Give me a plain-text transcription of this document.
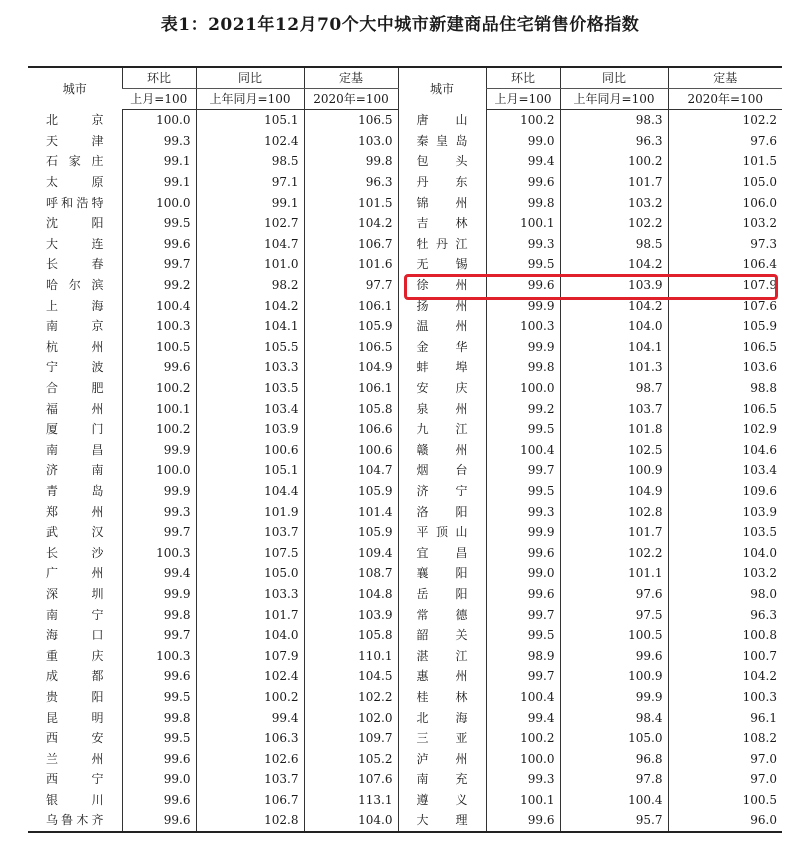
表1：2021年12月70个大中城市新建商品住宅销售价格指数
城市	环比	同比	定基	城市	环比	同比	定基
	上月=100	上年同月=100	2020年=100		上月=100	上年同月=100	2020年=100
北　京	100.0	105.1	106.5	唐　山	100.2	98.3	102.2
天　津	99.3	102.4	103.0	秦皇岛	99.0	96.3	97.6
石家庄	99.1	98.5	99.8	包　头	99.4	100.2	101.5
太　原	99.1	97.1	96.3	丹　东	99.6	101.7	105.0
呼和浩特	100.0	99.1	101.5	锦　州	99.8	103.2	106.0
沈　阳	99.5	102.7	104.2	吉　林	100.1	102.2	103.2
大　连	99.6	104.7	106.7	牡丹江	99.3	98.5	97.3
长　春	99.7	101.0	101.6	无　锡	99.5	104.2	106.4
哈尔滨	99.2	98.2	97.7	徐　州	99.6	103.9	107.9
上　海	100.4	104.2	106.1	扬　州	99.9	104.2	107.6
南　京	100.3	104.1	105.9	温　州	100.3	104.0	105.9
杭　州	100.5	105.5	106.5	金　华	99.9	104.1	106.5
宁　波	99.6	103.3	104.9	蚌　埠	99.8	101.3	103.6
合　肥	100.2	103.5	106.1	安　庆	100.0	98.7	98.8
福　州	100.1	103.4	105.8	泉　州	99.2	103.7	106.5
厦　门	100.2	103.9	106.6	九　江	99.5	101.8	102.9
南　昌	99.9	100.6	100.6	赣　州	100.4	102.5	104.6
济　南	100.0	105.1	104.7	烟　台	99.7	100.9	103.4
青　岛	99.9	104.4	105.9	济　宁	99.5	104.9	109.6
郑　州	99.3	101.9	101.4	洛　阳	99.3	102.8	103.9
武　汉	99.7	103.7	105.9	平顶山	99.9	101.7	103.5
长　沙	100.3	107.5	109.4	宜　昌	99.6	102.2	104.0
广　州	99.4	105.0	108.7	襄　阳	99.0	101.1	103.2
深　圳	99.9	103.3	104.8	岳　阳	99.6	97.6	98.0
南　宁	99.8	101.7	103.9	常　德	99.7	97.5	96.3
海　口	99.7	104.0	105.8	韶　关	99.5	100.5	100.8
重　庆	100.3	107.9	110.1	湛　江	98.9	99.6	100.7
成　都	99.6	102.4	104.5	惠　州	99.7	100.9	104.2
贵　阳	99.5	100.2	102.2	桂　林	100.4	99.9	100.3
昆　明	99.8	99.4	102.0	北　海	99.4	98.4	96.1
西　安	99.5	106.3	109.7	三　亚	100.2	105.0	108.2
兰　州	99.6	102.6	105.2	泸　州	100.0	96.8	97.0
西　宁	99.0	103.7	107.6	南　充	99.3	97.8	97.0
银　川	99.6	106.7	113.1	遵　义	100.1	100.4	100.5
乌鲁木齐	99.6	102.8	104.0	大　理	99.6	95.7	96.0
